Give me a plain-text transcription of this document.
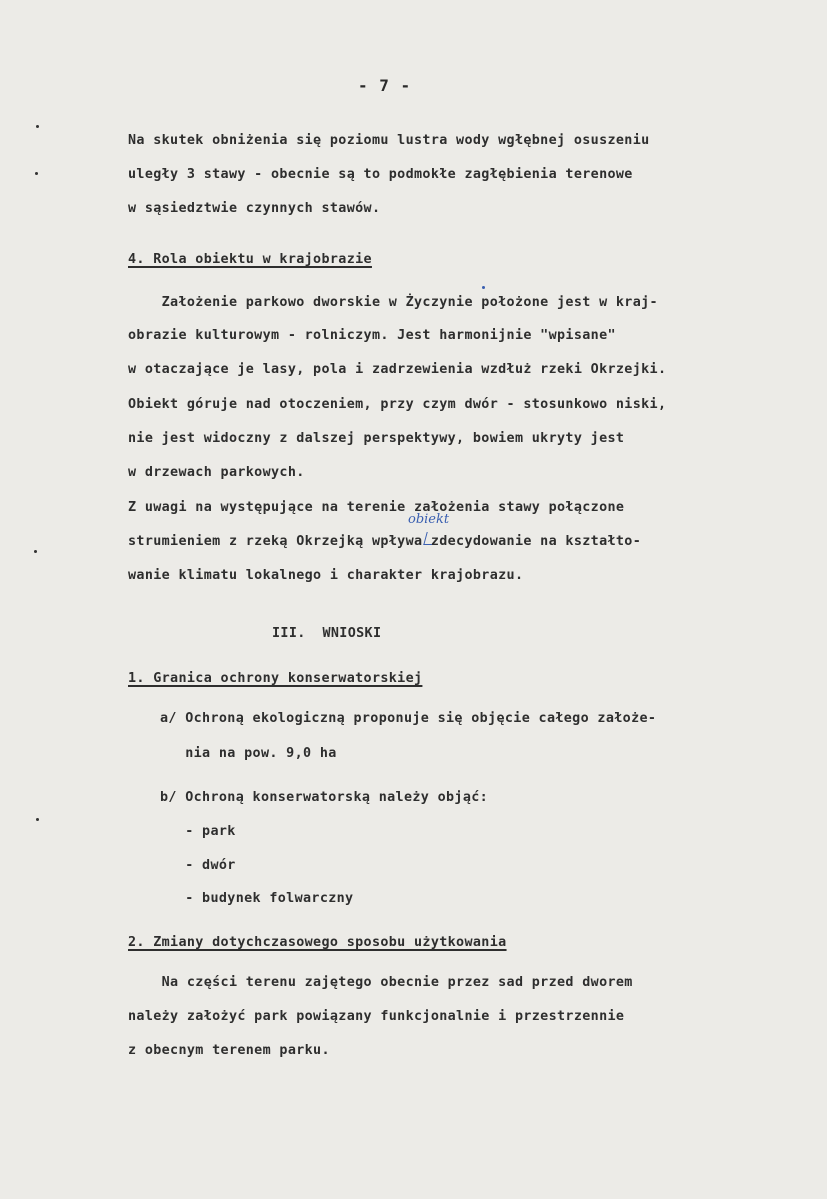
- 7 -
Na skutek obniżenia się poziomu lustra wody wgłębnej osuszeniu
uległy 3 stawy - obecnie są to podmokłe zagłębienia terenowe
w sąsiedztwie czynnych stawów.
4. Rola obiektu w krajobrazie
Założenie parkowo dworskie w Życzynie położone jest w kraj-
obrazie kulturowym - rolniczym. Jest harmonijnie "wpisane"
w otaczające je lasy, pola i zadrzewienia wzdłuż rzeki Okrzejki.
Obiekt góruje nad otoczeniem, przy czym dwór - stosunkowo niski,
nie jest widoczny z dalszej perspektywy, bowiem ukryty jest
w drzewach parkowych.
Z uwagi na występujące na terenie założenia stawy połączone
obiekt
strumieniem z rzeką Okrzejką wpływa zdecydowanie na kształto-
wanie klimatu lokalnego i charakter krajobrazu.
III.  WNIOSKI
1. Granica ochrony konserwatorskiej
a/ Ochroną ekologiczną proponuje się objęcie całego założe-
nia na pow. 9,0 ha
b/ Ochroną konserwatorską należy objąć:
- park
- dwór
- budynek folwarczny
2. Zmiany dotychczasowego sposobu użytkowania
Na części terenu zajętego obecnie przez sad przed dworem
należy założyć park powiązany funkcjonalnie i przestrzennie
z obecnym terenem parku.
